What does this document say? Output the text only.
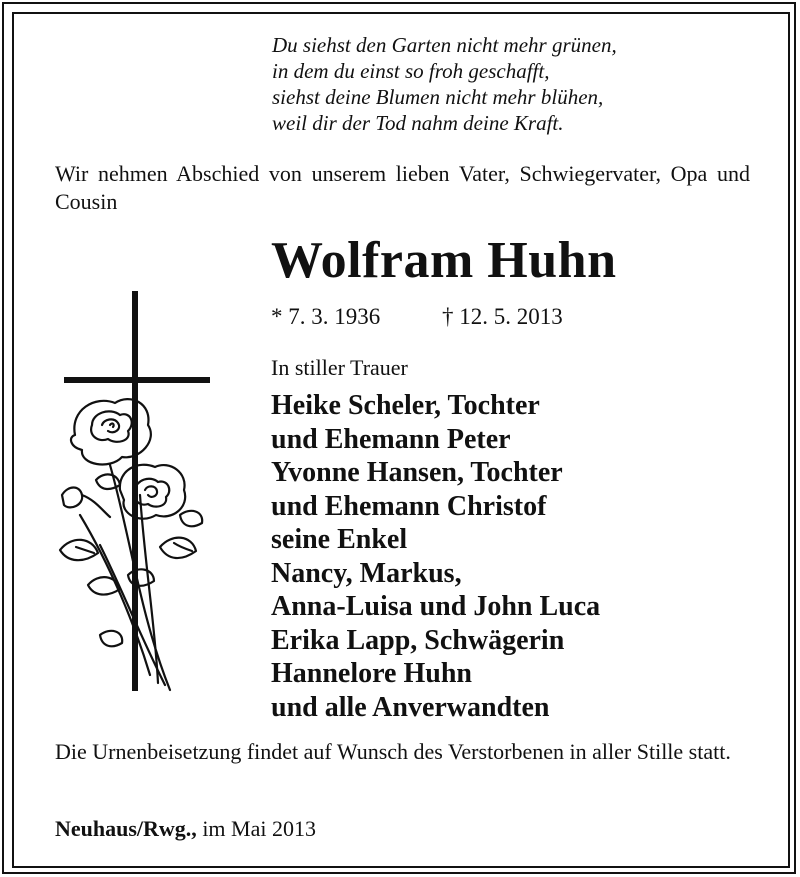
Du siehst den Garten nicht mehr grünen,
in dem du einst so froh geschafft,
siehst deine Blumen nicht mehr blühen,
weil dir der Tod nahm deine Kraft.
Wir nehmen Abschied von unserem lieben Vater, Schwiegervater, Opa und Cousin
Wolfram Huhn
* 7. 3. 1936	† 12. 5. 2013
In stiller Trauer
Heike Scheler, Tochter
und Ehemann Peter
Yvonne Hansen, Tochter
und Ehemann Christof
seine Enkel
Nancy, Markus,
Anna-Luisa und John Luca
Erika Lapp, Schwägerin
Hannelore Huhn
und alle Anverwandten
Die Urnenbeisetzung findet auf Wunsch des Verstorbenen in aller Stille statt.
Neuhaus/Rwg., im Mai 2013
